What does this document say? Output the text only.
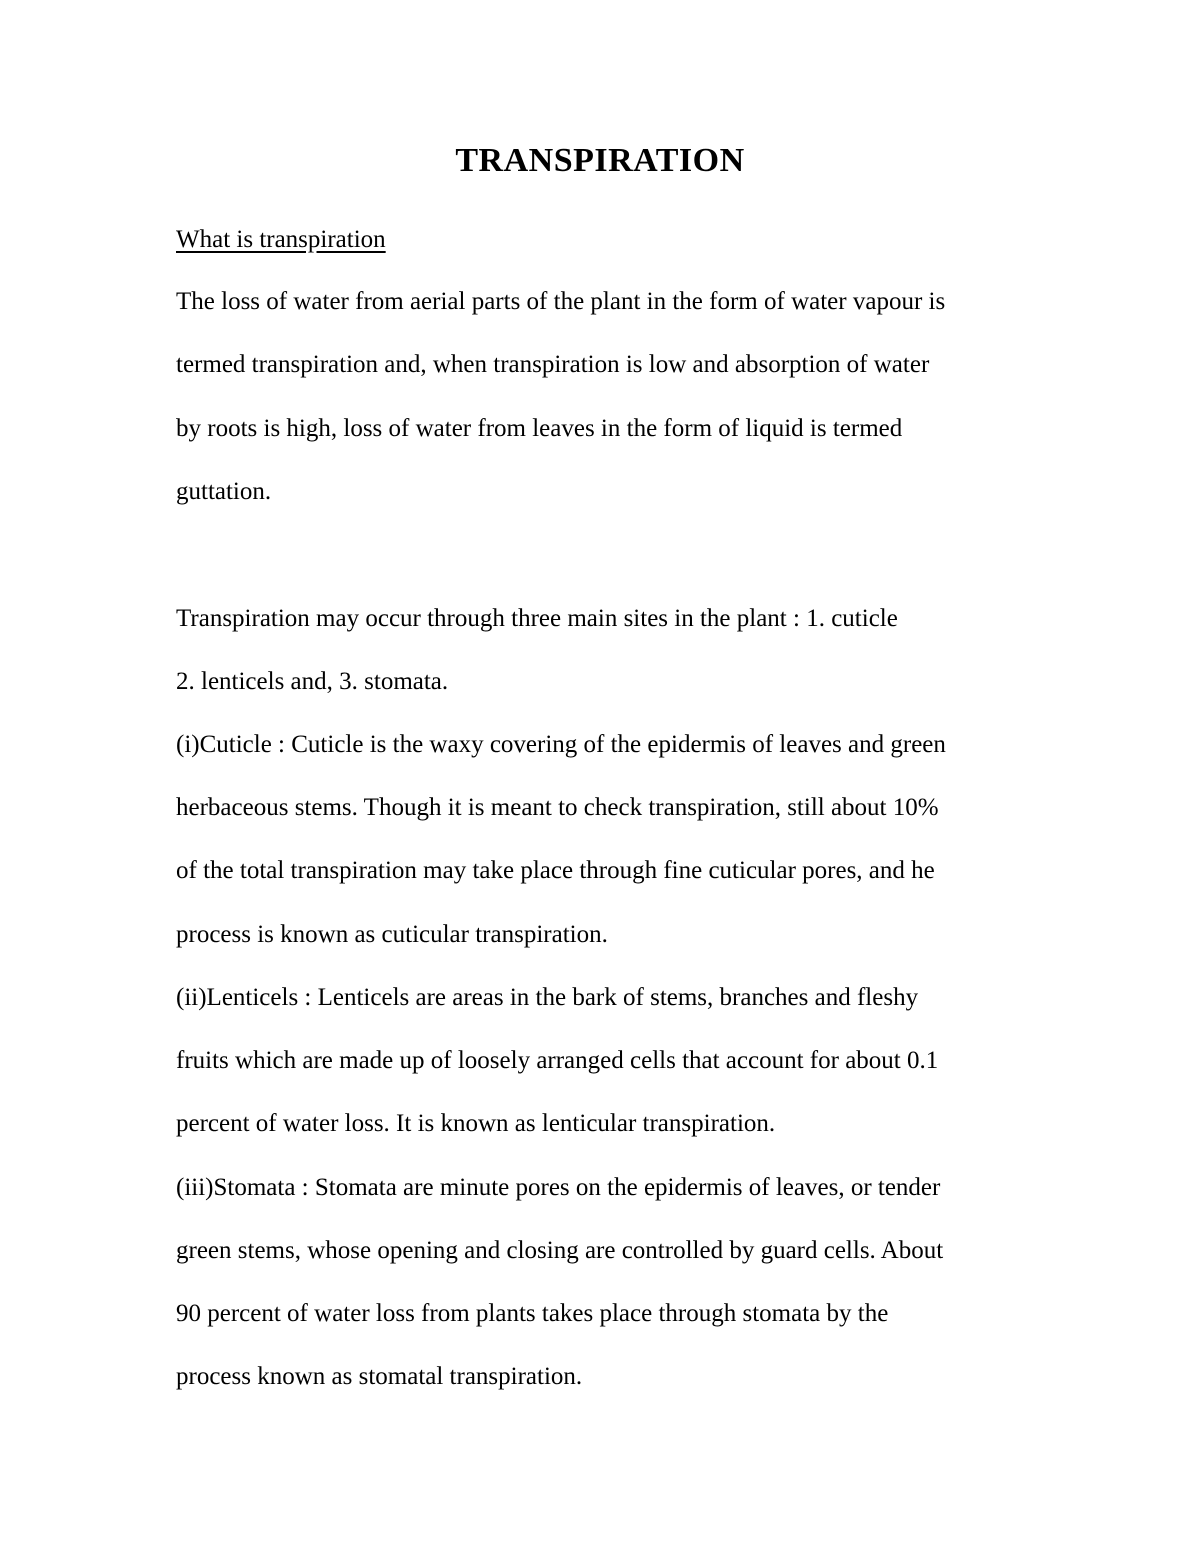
TRANSPIRATION
What is transpiration
The loss of water from aerial parts of the plant in the form of water vapour is
termed transpiration and, when transpiration is low and absorption of water
by roots is high, loss of water from leaves in the form of liquid is termed
guttation.
Transpiration may occur through three main sites in the plant : 1. cuticle
2. lenticels and, 3. stomata.
(i)Cuticle : Cuticle is the waxy covering of the epidermis of leaves and green
herbaceous stems. Though it is meant to check transpiration, still about 10%
of the total transpiration may take place through fine cuticular pores, and he
process is known as cuticular transpiration.
(ii)Lenticels : Lenticels are areas in the bark of stems, branches and fleshy
fruits which are made up of loosely arranged cells that account for about 0.1
percent of water loss. It is known as lenticular transpiration.
(iii)Stomata : Stomata are minute pores on the epidermis of leaves, or tender
green stems, whose opening and closing are controlled by guard cells. About
90 percent of water loss from plants takes place through stomata by the
process known as stomatal transpiration.
